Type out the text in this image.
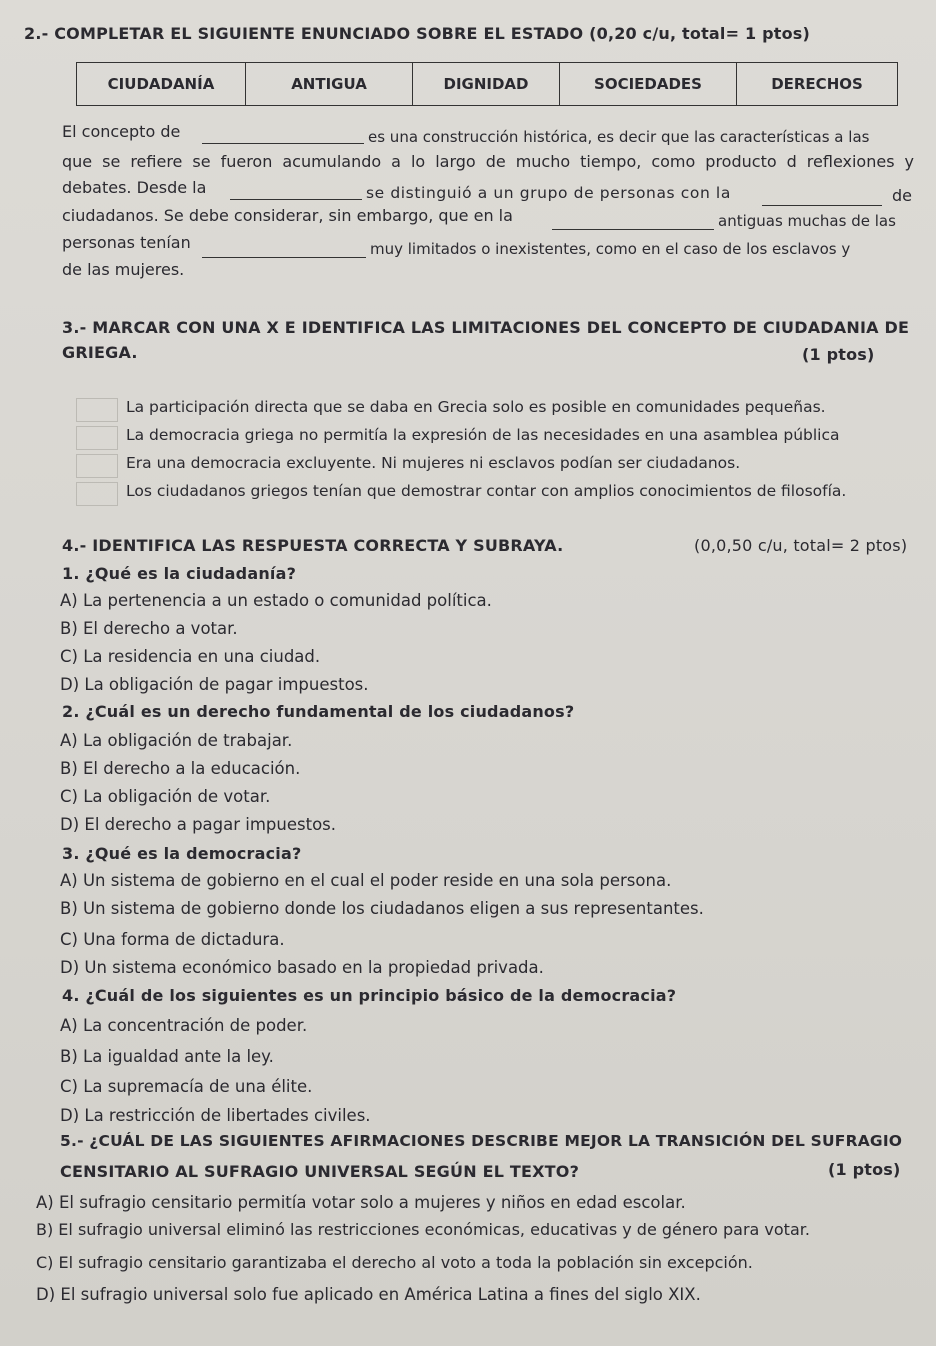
2.- COMPLETAR EL SIGUIENTE ENUNCIADO SOBRE EL ESTADO (0,20 c/u, total= 1 ptos)
CIUDADANÍA	ANTIGUA	DIGNIDAD	SOCIEDADES	DERECHOS
El concepto de	es una construcción histórica, es decir que las características a las
que se refiere se fueron acumulando a lo largo de mucho tiempo, como producto d reflexiones y
debates. Desde la	se distinguió a un grupo de personas con la	de
ciudadanos. Se debe considerar, sin embargo, que en la	antiguas muchas de las
personas tenían	muy limitados o inexistentes, como en el caso de los esclavos y
de las mujeres.
3.- MARCAR CON UNA X E IDENTIFICA LAS LIMITACIONES DEL CONCEPTO DE CIUDADANIA DE
GRIEGA.	(1 ptos)
La participación directa que se daba en Grecia solo es posible en comunidades pequeñas.
La democracia griega no permitía la expresión de las necesidades en una asamblea pública
Era una democracia excluyente. Ni mujeres ni esclavos podían ser ciudadanos.
Los ciudadanos griegos tenían que demostrar contar con amplios conocimientos de filosofía.
4.- IDENTIFICA LAS RESPUESTA CORRECTA Y SUBRAYA.	(0,0,50 c/u, total= 2 ptos)
1. ¿Qué es la ciudadanía?
A) La pertenencia a un estado o comunidad política.
B) El derecho a votar.
C) La residencia en una ciudad.
D) La obligación de pagar impuestos.
2. ¿Cuál es un derecho fundamental de los ciudadanos?
A) La obligación de trabajar.
B) El derecho a la educación.
C) La obligación de votar.
D) El derecho a pagar impuestos.
3. ¿Qué es la democracia?
A) Un sistema de gobierno en el cual el poder reside en una sola persona.
B) Un sistema de gobierno donde los ciudadanos eligen a sus representantes.
C) Una forma de dictadura.
D) Un sistema económico basado en la propiedad privada.
4. ¿Cuál de los siguientes es un principio básico de la democracia?
A) La concentración de poder.
B) La igualdad ante la ley.
C) La supremacía de una élite.
D) La restricción de libertades civiles.
5.- ¿CUÁL DE LAS SIGUIENTES AFIRMACIONES DESCRIBE MEJOR LA TRANSICIÓN DEL SUFRAGIO
CENSITARIO AL SUFRAGIO UNIVERSAL SEGÚN EL TEXTO?	(1 ptos)
A) El sufragio censitario permitía votar solo a mujeres y niños en edad escolar.
B) El sufragio universal eliminó las restricciones económicas, educativas y de género para votar.
C) El sufragio censitario garantizaba el derecho al voto a toda la población sin excepción.
D) El sufragio universal solo fue aplicado en América Latina a fines del siglo XIX.
